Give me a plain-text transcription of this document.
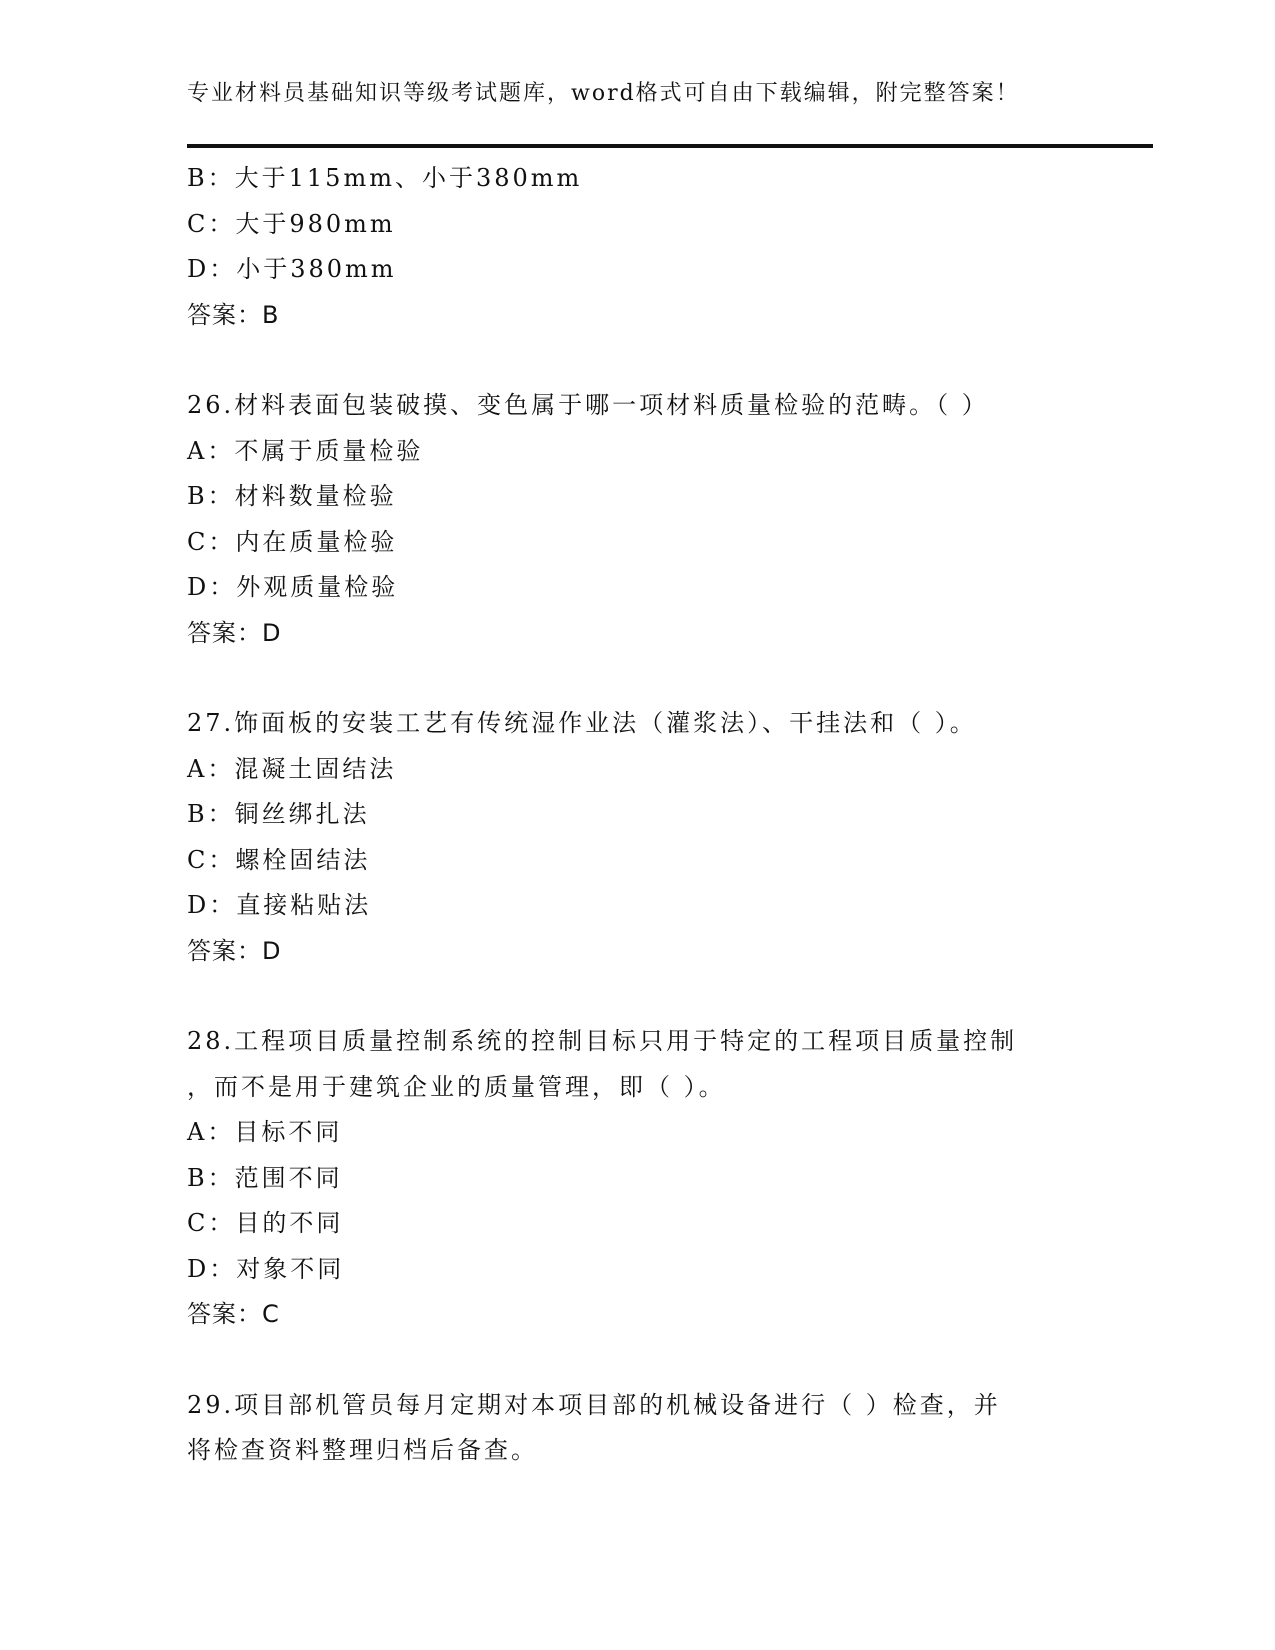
专业材料员基础知识等级考试题库，word格式可自由下载编辑，附完整答案！
B：大于115mm、小于380mm
C：大于980mm
D：小于380mm
答案：B
26.材料表面包装破摸、变色属于哪一项材料质量检验的范畴。（ ）
A：不属于质量检验
B：材料数量检验
C：内在质量检验
D：外观质量检验
答案：D
27.饰面板的安装工艺有传统湿作业法（灌浆法）、干挂法和（ ）。
A：混凝土固结法
B：铜丝绑扎法
C：螺栓固结法
D：直接粘贴法
答案：D
28.工程项目质量控制系统的控制目标只用于特定的工程项目质量控制
，而不是用于建筑企业的质量管理，即（ ）。
A：目标不同
B：范围不同
C：目的不同
D：对象不同
答案：C
29.项目部机管员每月定期对本项目部的机械设备进行（ ）检查，并
将检查资料整理归档后备查。
